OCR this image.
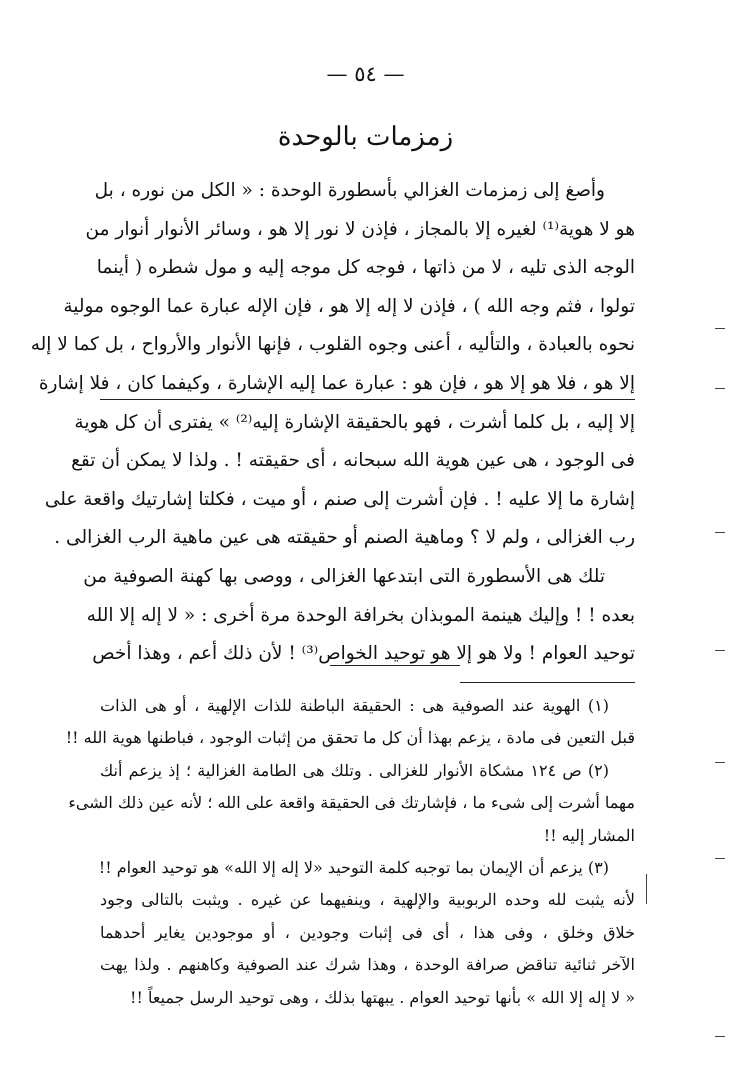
— ٥٤ —
زمزمات بالوحدة
وأصغ إلى زمزمات الغزالي بأسطورة الوحدة : « الكل من نوره ، بل
هو لا هوية⁽¹⁾ لغيره إلا بالمجاز ، فإذن لا نور إلا هو ، وسائر الأنوار أنوار من
الوجه الذى تليه ، لا من ذاتها ، فوجه كل موجه إليه و مول شطره ( أينما
تولوا ، فثم وجه الله ) ، فإذن لا إله إلا هو ، فإن الإله عبارة عما الوجوه مولية
نحوه بالعبادة ، والتأليه ، أعنى وجوه القلوب ، فإنها الأنوار والأرواح ، بل كما لا إله
إلا هو ، فلا هو إلا هو ، فإن هو : عبارة عما إليه الإشارة ، وكيفما كان ، فلا إشارة
إلا إليه ، بل كلما أشرت ، فهو بالحقيقة الإشارة إليه⁽²⁾ » يفترى أن كل هوية
فى الوجود ، هى عين هوية الله سبحانه ، أى حقيقته ! . ولذا لا يمكن أن تقع
إشارة ما إلا عليه ! . فإن أشرت إلى صنم ، أو ميت ، فكلتا إشارتيك واقعة على
رب الغزالى ، ولم لا ؟ وماهية الصنم أو حقيقته هى عين ماهية الرب الغزالى .
تلك هى الأسطورة التى ابتدعها الغزالى ، ووصى بها كهنة الصوفية من
بعده ! ! وإليك هينمة الموبذان بخرافة الوحدة مرة أخرى : « لا إله إلا الله
توحيد العوام ! ولا هو إلا هو توحيد الخواص⁽³⁾ ! لأن ذلك أعم ، وهذا أخص
(١) الهوية عند الصوفية هى : الحقيقة الباطنة للذات الإلهية ، أو هى الذات
قبل التعين فى مادة ، يزعم بهذا أن كل ما تحقق من إثبات الوجود ، فباطنها هوية الله !!
(٢) ص ١٢٤ مشكاة الأنوار للغزالى . وتلك هى الطامة الغزالية ؛ إذ يزعم أنك
مهما أشرت إلى شىء ما ، فإشارتك فى الحقيقة واقعة على الله ؛ لأنه عين ذلك الشىء
المشار إليه !!
(٣) يزعم أن الإيمان بما توجبه كلمة التوحيد «لا إله إلا الله» هو توحيد العوام !!
لأنه يثبت لله وحده الربوبية والإلهية ، وينفيهما عن غيره . ويثبت بالتالى وجود
خلاق وخلق ، وفى هذا ، أى فى إثبات وجودين ، أو موجودين يغاير أحدهما
الآخر ثنائية تناقض صرافة الوحدة ، وهذا شرك عند الصوفية وكاهنهم . ولذا يهت
« لا إله إلا الله » بأنها توحيد العوام . يبهتها بذلك ، وهى توحيد الرسل جميعاً !!
